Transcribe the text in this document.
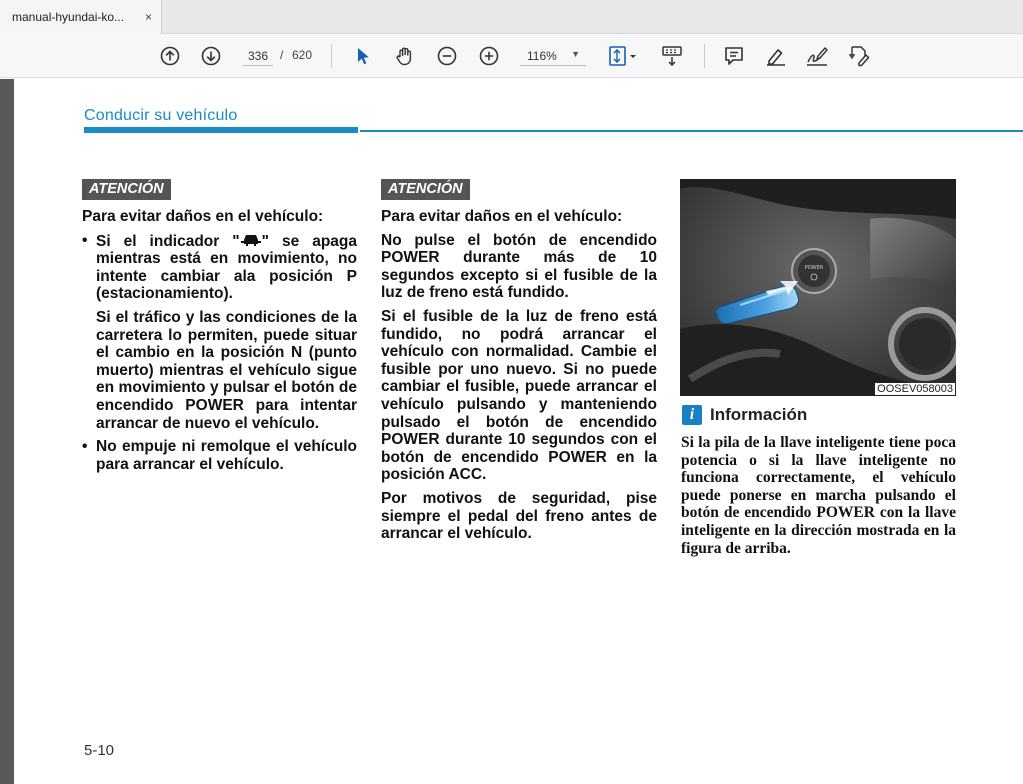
manual-hyundai-ko... ×
336
/ 620	116% ▼
Conducir su vehículo
ATENCIÓN

Para evitar daños en el vehículo:

• Si el indicador " " se apaga mientras está en movimiento, no intente cambiar ala posición P (estacionamiento).

Si el tráfico y las condiciones de la carretera lo permiten, puede situar el cambio en la posición N (punto muerto) mientras el vehículo sigue en movimiento y pulsar el botón de encendido POWER para intentar arrancar de nuevo el vehículo.

• No empuje ni remolque el vehículo para arrancar el vehículo.
ATENCIÓN

Para evitar daños en el vehículo:

No pulse el botón de encendido POWER durante más de 10 segundos excepto si el fusible de la luz de freno está fundido.

Si el fusible de la luz de freno está fundido, no podrá arrancar el vehículo con normalidad. Cambie el fusible por uno nuevo. Si no puede cambiar el fusible, puede arrancar el vehículo pulsando y manteniendo pulsado el botón de encendido POWER durante 10 segundos con el botón de encendido POWER en la posición ACC.

Por motivos de seguridad, pise siempre el pedal del freno antes de arrancar el vehículo.

POWER
OOSEV058003
i Información

Si la pila de la llave inteligente tiene poca potencia o si la llave inteligente no funciona correctamente, el vehículo puede ponerse en marcha pulsando el botón de encendido POWER con la llave inteligente en la dirección mostrada en la figura de arriba.

5-10
